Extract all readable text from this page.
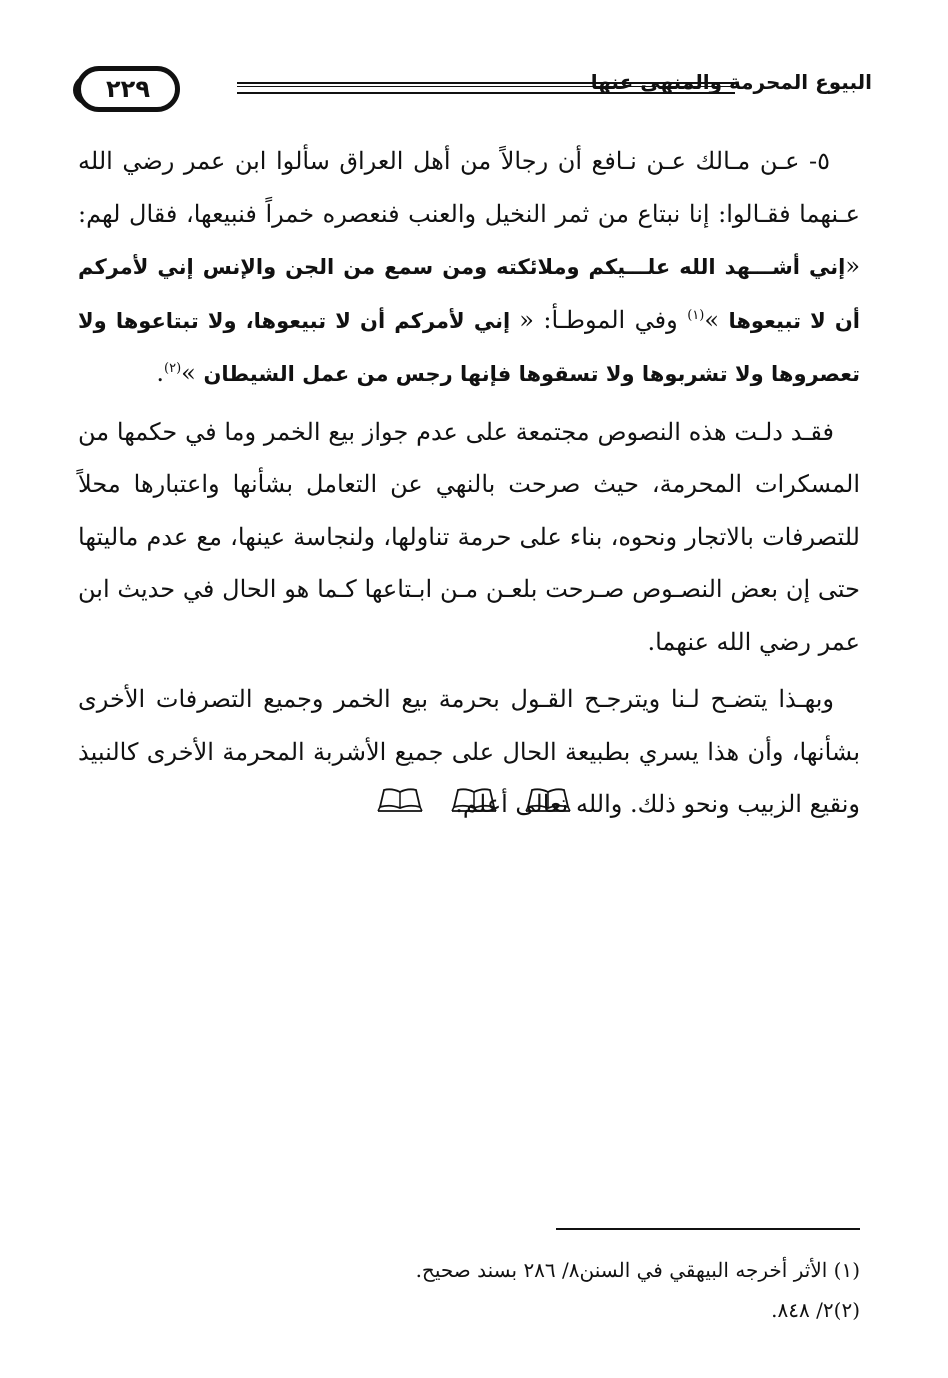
٢٢٩	البيوع المحرمة والمنهي عنها

٥- عـن مـالك عـن نـافع أن رجالاً من أهل العراق سألوا ابن عمر رضي الله عـنهما فقـالوا: إنا نبتاع من ثمر النخيل والعنب فنعصره خمراً فنبيعها، فقال لهم: «إني أشـــهد الله علـــيكم وملائكته ومن سمع من الجن والإنس إني لأمركم أن لا تبيعوها »$^{(١)}$ وفي الموطـأ: « إني لأمركم أن لا تبيعوها، ولا تبتاعوها ولا تعصروها ولا تشربوها ولا تسقوها فإنها رجس من عمل الشيطان »$^{(٢)}$.

فقـد دلـت هذه النصوص مجتمعة على عدم جواز بيع الخمر وما في حكمها من المسكرات المحرمة، حيث صرحت بالنهي عن التعامل بشأنها واعتبارها محلاً للتصرفات بالاتجار ونحوه، بناء على حرمة تناولها، ولنجاسة عينها، مع عدم ماليتها حتى إن بعض النصـوص صـرحت بلعـن مـن ابـتاعها كـما هو الحال في حديث ابن عمر رضي الله عنهما.

وبهـذا يتضـح لـنا ويترجـح القـول بحرمة بيع الخمر وجميع التصرفات الأخرى بشأنها، وأن هذا يسري بطبيعة الحال على جميع الأشربة المحرمة الأخرى كالنبيذ ونقيع الزبيب ونحو ذلك. والله تعالى أعلم.

(١) الأثر أخرجه البيهقي في السنن٨/ ٢٨٦ بسند صحيح.

(٢)٢/ ٨٤٨.
